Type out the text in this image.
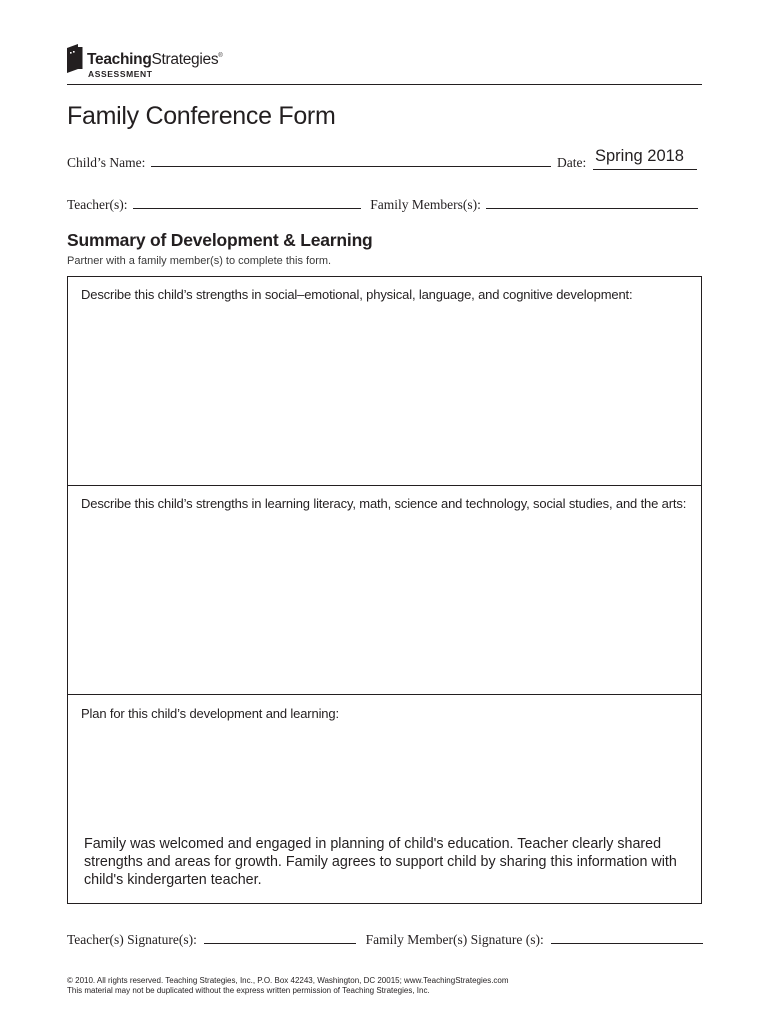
TeachingStrategies®
ASSESSMENT
Family Conference Form
Child’s Name:	Date: Spring 2018
Teacher(s):	Family Members(s):
Summary of Development & Learning
Partner with a family member(s) to complete this form.
Describe this child’s strengths in social–emotional, physical, language, and cognitive development:
Describe this child’s strengths in learning literacy, math, science and technology, social studies, and the arts:
Plan for this child’s development and learning:
Family was welcomed and engaged in planning of child's education. Teacher clearly shared strengths and areas for growth. Family agrees to support child by sharing this information with child's kindergarten teacher.
Teacher(s) Signature(s):	Family Member(s) Signature (s):
© 2010. All rights reserved. Teaching Strategies, Inc., P.O. Box 42243, Washington, DC 20015; www.TeachingStrategies.com
This material may not be duplicated without the express written permission of Teaching Strategies, Inc.
